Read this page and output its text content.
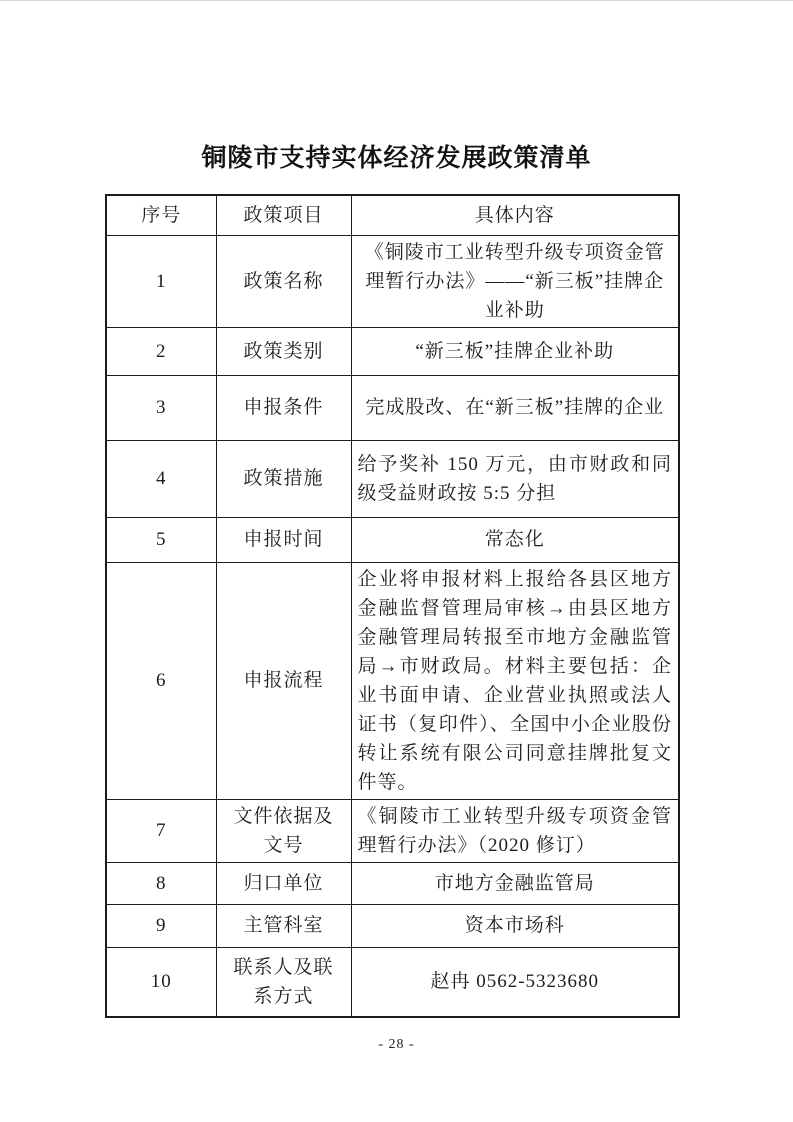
铜陵市支持实体经济发展政策清单
序号	政策项目	具体内容
1	政策名称	《铜陵市工业转型升级专项资金管理暂行办法》——“新三板”挂牌企业补助
2	政策类别	“新三板”挂牌企业补助
3	申报条件	完成股改、在“新三板”挂牌的企业
4	政策措施	给予奖补 150 万元，由市财政和同级受益财政按 5:5 分担
5	申报时间	常态化
6	申报流程	企业将申报材料上报给各县区地方金融监督管理局审核→由县区地方金融管理局转报至市地方金融监管局→市财政局。材料主要包括：企业书面申请、企业营业执照或法人证书（复印件）、全国中小企业股份转让系统有限公司同意挂牌批复文件等。
7	文件依据及文号	《铜陵市工业转型升级专项资金管理暂行办法》（2020 修订）
8	归口单位	市地方金融监管局
9	主管科室	资本市场科
10	联系人及联系方式	赵冉 0562-5323680
- 28 -
